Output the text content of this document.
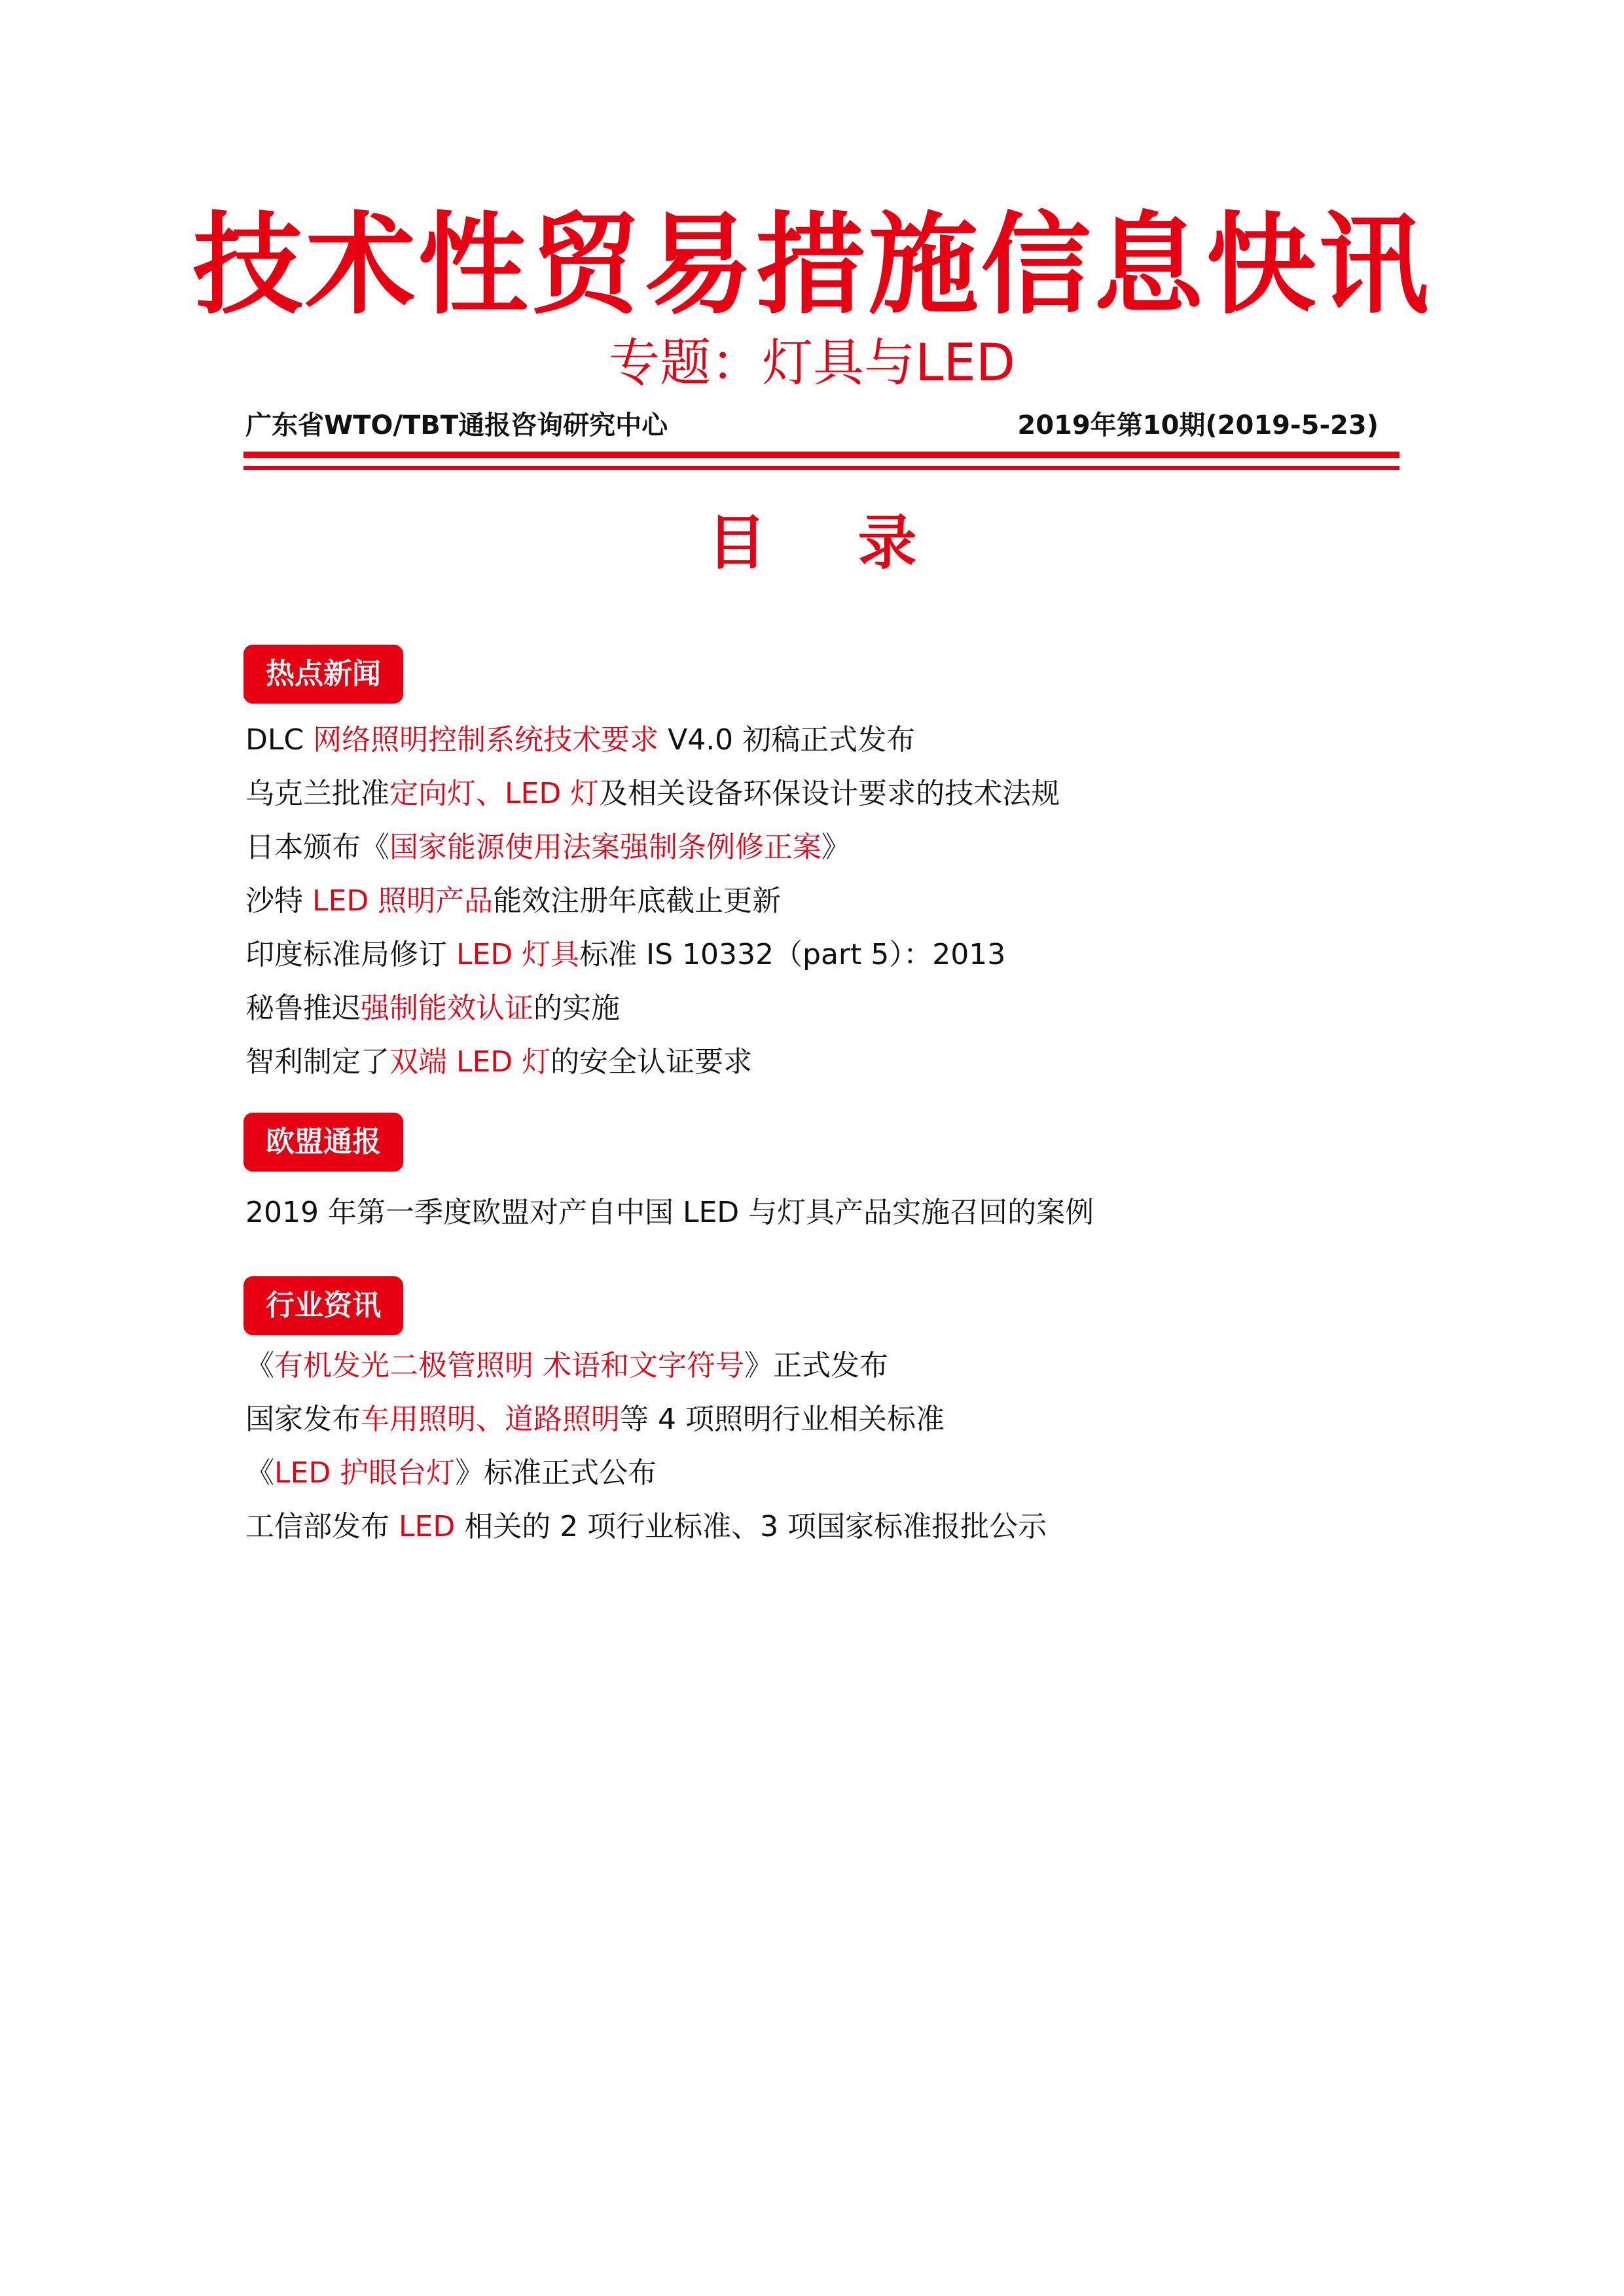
技术性贸易措施信息快讯
专题：灯具与LED
广东省WTO/TBT通报咨询研究中心	2019年第10期(2019-5-23)
目录
热点新闻
DLC 网络照明控制系统技术要求 V4.0 初稿正式发布
乌克兰批准定向灯、LED 灯及相关设备环保设计要求的技术法规
日本颁布《国家能源使用法案强制条例修正案》
沙特 LED 照明产品能效注册年底截止更新
印度标准局修订 LED 灯具标准 IS 10332（part 5）：2013
秘鲁推迟强制能效认证的实施
智利制定了双端 LED 灯的安全认证要求
欧盟通报
2019 年第一季度欧盟对产自中国 LED 与灯具产品实施召回的案例
行业资讯
《有机发光二极管照明 术语和文字符号》正式发布
国家发布车用照明、道路照明等 4 项照明行业相关标准
《LED 护眼台灯》标准正式公布
工信部发布 LED 相关的 2 项行业标准、3 项国家标准报批公示
